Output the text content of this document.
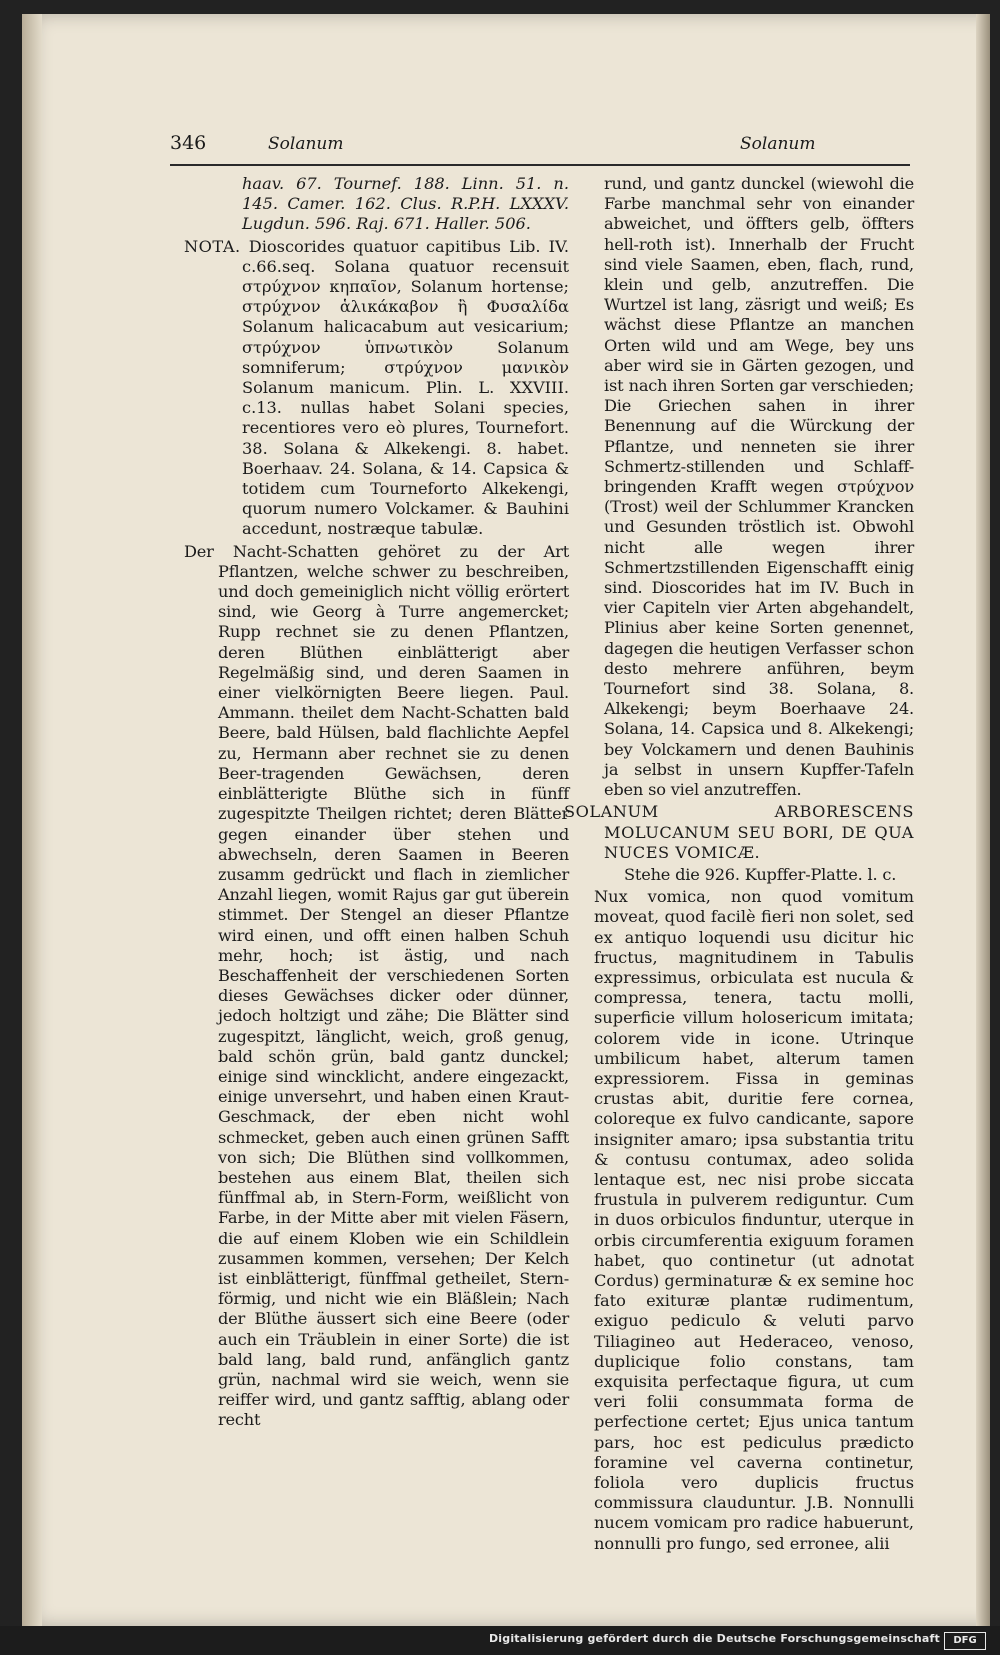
346	Solanum	Solanum

haav. 67. Tournef. 188. Linn. 51. n. 145. Camer. 162. Clus. R.P.H. LXXXV. Lugdun. 596. Raj. 671. Haller. 506.

NOTA. Dioscorides quatuor capitibus Lib. IV. c.66.seq. Solana quatuor recensuit στρύχνον κηπαῖον, Solanum hortense; στρύχνον ἁλικάκαβον ἢ Φυσαλίδα Solanum halicacabum aut vesicarium; στρύχνον ὑπνωτικὸν Solanum somniferum; στρύχνον μανικὸν Solanum manicum. Plin. L. XXVIII. c.13. nullas habet Solani species, recentiores vero eò plures, Tournefort. 38. Solana & Alkekengi. 8. habet. Boerhaav. 24. Solana, & 14. Capsica & totidem cum Tourneforto Alkekengi, quorum numero Volckamer. & Bauhini accedunt, nostræque tabulæ.

Der Nacht-Schatten gehöret zu der Art Pflantzen, welche schwer zu beschreiben, und doch gemeiniglich nicht völlig erörtert sind, wie Georg à Turre angemercket; Rupp rechnet sie zu denen Pflantzen, deren Blüthen einblätterigt aber Regelmäßig sind, und deren Saamen in einer vielkörnigten Beere liegen. Paul. Ammann. theilet dem Nacht-Schatten bald Beere, bald Hülsen, bald flachlichte Aepfel zu, Hermann aber rechnet sie zu denen Beer-tragenden Gewächsen, deren einblätterigte Blüthe sich in fünff zugespitzte Theilgen richtet; deren Blätter gegen einander über stehen und abwechseln, deren Saamen in Beeren zusamm gedrückt und flach in ziemlicher Anzahl liegen, womit Rajus gar gut überein stimmet. Der Stengel an dieser Pflantze wird einen, und offt einen halben Schuh mehr, hoch; ist ästig, und nach Beschaffenheit der verschiedenen Sorten dieses Gewächses dicker oder dünner, jedoch holtzigt und zähe; Die Blätter sind zugespitzt, länglicht, weich, groß genug, bald schön grün, bald gantz dunckel; einige sind wincklicht, andere eingezackt, einige unversehrt, und haben einen Kraut-Geschmack, der eben nicht wohl schmecket, geben auch einen grünen Safft von sich; Die Blüthen sind vollkommen, bestehen aus einem Blat, theilen sich fünffmal ab, in Stern-Form, weißlicht von Farbe, in der Mitte aber mit vielen Fäsern, die auf einem Kloben wie ein Schildlein zusammen kommen, versehen; Der Kelch ist einblätterigt, fünffmal getheilet, Stern-förmig, und nicht wie ein Bläßlein; Nach der Blüthe äussert sich eine Beere (oder auch ein Träublein in einer Sorte) die ist bald lang, bald rund, anfänglich gantz grün, nachmal wird sie weich, wenn sie reiffer wird, und gantz safftig, ablang oder recht

rund, und gantz dunckel (wiewohl die Farbe manchmal sehr von einander abweichet, und öffters gelb, öffters hell-roth ist). Innerhalb der Frucht sind viele Saamen, eben, flach, rund, klein und gelb, anzutreffen. Die Wurtzel ist lang, zäsrigt und weiß; Es wächst diese Pflantze an manchen Orten wild und am Wege, bey uns aber wird sie in Gärten gezogen, und ist nach ihren Sorten gar verschieden; Die Griechen sahen in ihrer Benennung auf die Würckung der Pflantze, und nenneten sie ihrer Schmertz-stillenden und Schlaff-bringenden Krafft wegen στρύχνον (Trost) weil der Schlummer Krancken und Gesunden tröstlich ist. Obwohl nicht alle wegen ihrer Schmertzstillenden Eigenschafft einig sind. Dioscorides hat im IV. Buch in vier Capiteln vier Arten abgehandelt, Plinius aber keine Sorten genennet, dagegen die heutigen Verfasser schon desto mehrere anführen, beym Tournefort sind 38. Solana, 8. Alkekengi; beym Boerhaave 24. Solana, 14. Capsica und 8. Alkekengi; bey Volckamern und denen Bauhinis ja selbst in unsern Kupffer-Tafeln eben so viel anzutreffen.

SOLANUM ARBORESCENS MOLUCANUM SEU BORI, DE QUA NUCES VOMICÆ.

Stehe die 926. Kupffer-Platte. l. c.

Nux vomica, non quod vomitum moveat, quod facilè fieri non solet, sed ex antiquo loquendi usu dicitur hic fructus, magnitudinem in Tabulis expressimus, orbiculata est nucula & compressa, tenera, tactu molli, superficie villum holosericum imitata; colorem vide in icone. Utrinque umbilicum habet, alterum tamen expressiorem. Fissa in geminas crustas abit, duritie fere cornea, coloreque ex fulvo candicante, sapore insigniter amaro; ipsa substantia tritu & contusu contumax, adeo solida lentaque est, nec nisi probe siccata frustula in pulverem rediguntur. Cum in duos orbiculos finduntur, uterque in orbis circumferentia exiguum foramen habet, quo continetur (ut adnotat Cordus) germinaturæ & ex semine hoc fato exituræ plantæ rudimentum, exiguo pediculo & veluti parvo Tiliagineo aut Hederaceo, venoso, duplicique folio constans, tam exquisita perfectaque figura, ut cum veri folii consummata forma de perfectione certet; Ejus unica tantum pars, hoc est pediculus prædicto foramine vel caverna continetur, foliola vero duplicis fructus commissura clauduntur. J.B. Nonnulli nucem vomicam pro radice habuerunt, nonnulli pro fungo, sed erronee, alii

Digitalisierung gefördert durch die Deutsche Forschungsgemeinschaft	DFG
